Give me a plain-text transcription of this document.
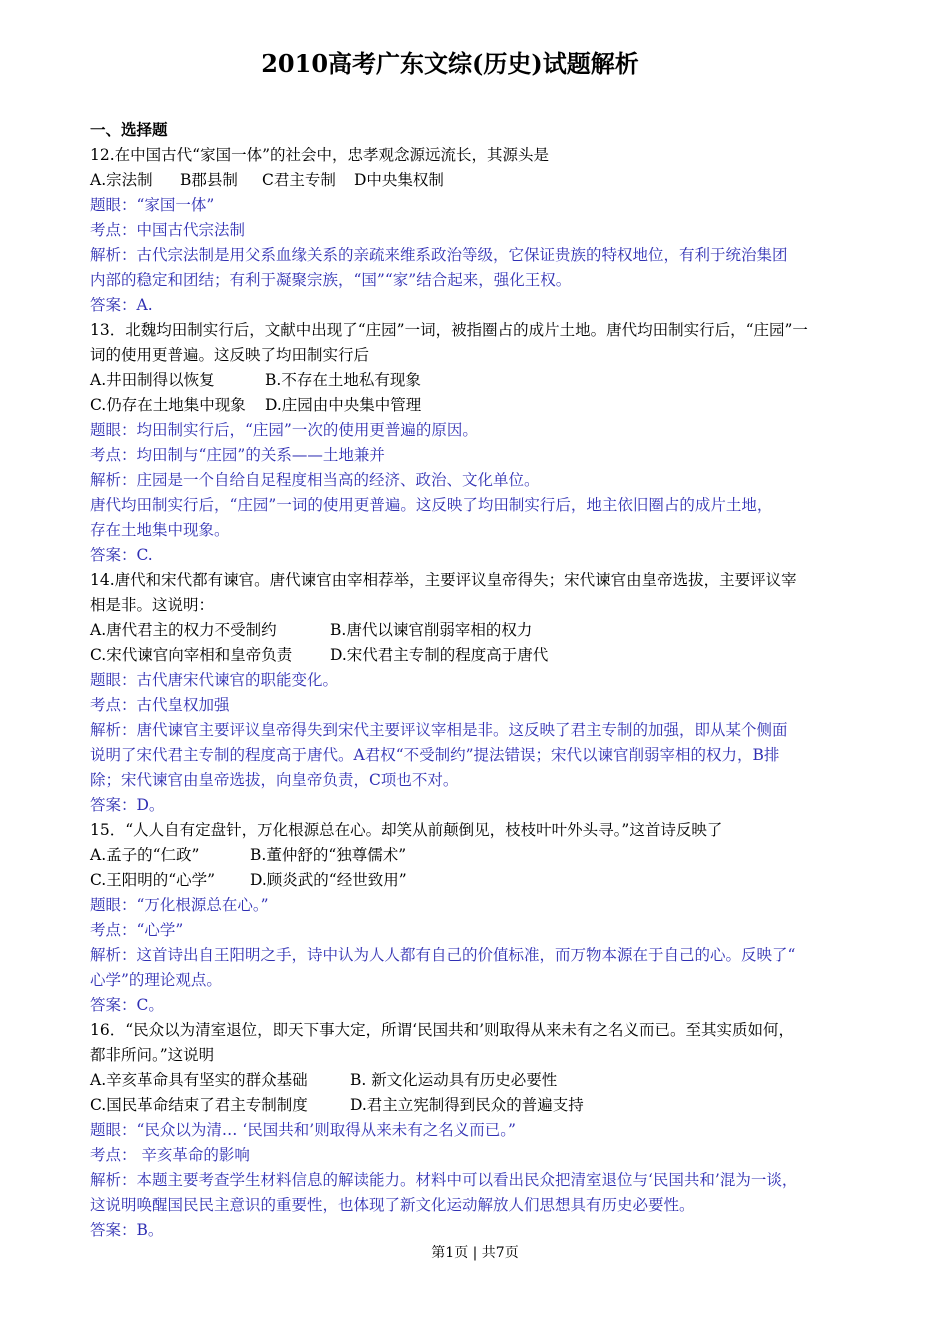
2010高考广东文综(历史)试题解析
一、选择题
12.在中国古代“家国一体”的社会中，忠孝观念源远流长，其源头是
A.宗法制	B郡县制	C君主专制	D中央集权制
题眼：“家国一体”
考点：中国古代宗法制
解析：古代宗法制是用父系血缘关系的亲疏来维系政治等级，它保证贵族的特权地位，有利于统治集团
内部的稳定和团结；有利于凝聚宗族，“国”“家”结合起来，强化王权。
答案：A.
13．北魏均田制实行后，文献中出现了“庄园”一词，被指圈占的成片土地。唐代均田制实行后，“庄园”一
词的使用更普遍。这反映了均田制实行后
A.井田制得以恢复	B.不存在土地私有现象
C.仍存在土地集中现象	D.庄园由中央集中管理
题眼：均田制实行后，“庄园”一次的使用更普遍的原因。
考点：均田制与“庄园”的关系——土地兼并
解析：庄园是一个自给自足程度相当高的经济、政治、文化单位。
唐代均田制实行后，“庄园”一词的使用更普遍。这反映了均田制实行后，地主依旧圈占的成片土地，
存在土地集中现象。
答案：C.
14.唐代和宋代都有谏官。唐代谏官由宰相荐举，主要评议皇帝得失；宋代谏官由皇帝选拔，主要评议宰
相是非。这说明：
A.唐代君主的权力不受制约	B.唐代以谏官削弱宰相的权力
C.宋代谏官向宰相和皇帝负责	D.宋代君主专制的程度高于唐代
题眼：古代唐宋代谏官的职能变化。
考点：古代皇权加强
解析：唐代谏官主要评议皇帝得失到宋代主要评议宰相是非。这反映了君主专制的加强，即从某个侧面
说明了宋代君主专制的程度高于唐代。A君权“不受制约”提法错误；宋代以谏官削弱宰相的权力，B排
除；宋代谏官由皇帝选拔，向皇帝负责，C项也不对。
答案：D。
15．“人人自有定盘针，万化根源总在心。却笑从前颠倒见，枝枝叶叶外头寻。”这首诗反映了
A.孟子的“仁政”	B.董仲舒的“独尊儒术”
C.王阳明的“心学”	D.顾炎武的“经世致用”
题眼：“万化根源总在心。”
考点：“心学”
解析：这首诗出自王阳明之手，诗中认为人人都有自己的价值标准，而万物本源在于自己的心。反映了“
心学”的理论观点。
答案：C。
16．“民众以为清室退位，即天下事大定，所谓‘民国共和’则取得从来未有之名义而已。至其实质如何，
都非所问。”这说明
A.辛亥革命具有坚实的群众基础	B. 新文化运动具有历史必要性
C.国民革命结束了君主专制制度	D.君主立宪制得到民众的普遍支持
题眼：“民众以为清… ‘民国共和’则取得从来未有之名义而已。”
考点： 辛亥革命的影响
解析：本题主要考查学生材料信息的解读能力。材料中可以看出民众把清室退位与‘民国共和’混为一谈，
这说明唤醒国民民主意识的重要性，也体现了新文化运动解放人们思想具有历史必要性。
答案：B。
第1页 | 共7页
